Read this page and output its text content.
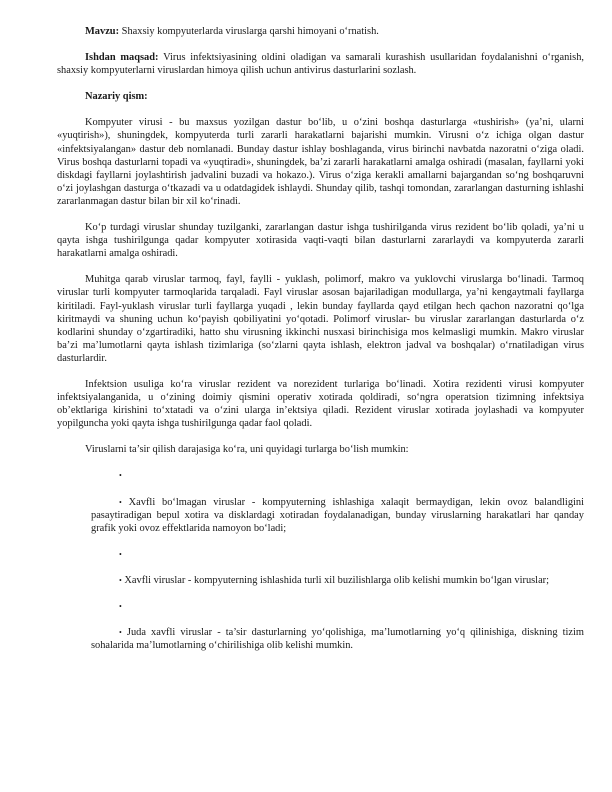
Mavzu: Shaxsiy kompyuterlarda viruslarga qarshi himoyani o‘rnatish.

Ishdan maqsad: Virus infektsiyasining oldini oladigan va samarali kurashish usullaridan foydalanishni o‘rganish, shaxsiy kompyuterlarni viruslardan himoya qilish uchun antivirus dasturlarini sozlash.

Nazariy qism:

Kompyuter virusi - bu maxsus yozilgan dastur bo‘lib, u o‘zini boshqa dasturlarga «tushirish» (ya’ni, ularni «yuqtirish»), shuningdek, kompyuterda turli zararli harakatlarni bajarishi mumkin. Virusni o‘z ichiga olgan dastur «infektsiyalangan» dastur deb nomlanadi. Bunday dastur ishlay boshlaganda, virus birinchi navbatda nazoratni o‘ziga oladi. Virus boshqa dasturlarni topadi va «yuqtiradi», shuningdek, ba’zi zararli harakatlarni amalga oshiradi (masalan, fayllarni yoki diskdagi fayllarni joylashtirish jadvalini buzadi va hokazo.). Virus o‘ziga kerakli amallarni bajargandan so‘ng boshqaruvni o‘zi joylashgan dasturga o‘tkazadi va u odatdagidek ishlaydi. Shunday qilib, tashqi tomondan, zararlangan dasturning ishlashi zararlanmagan dastur bilan bir xil ko‘rinadi.

Ko‘p turdagi viruslar shunday tuzilganki, zararlangan dastur ishga tushirilganda virus rezident bo‘lib qoladi, ya’ni u qayta ishga tushirilgunga qadar kompyuter xotirasida vaqti-vaqti bilan dasturlarni zararlaydi va kompyuterda zararli harakatlarni amalga oshiradi.

Muhitga qarab viruslar tarmoq, fayl, faylli - yuklash, polimorf, makro va yuklovchi viruslarga bo‘linadi. Tarmoq viruslar turli kompyuter tarmoqlarida tarqaladi. Fayl viruslar asosan bajariladigan modullarga, ya’ni kengaytmali fayllarga kiritiladi. Fayl-yuklash viruslar turli fayllarga yuqadi , lekin bunday fayllarda qayd etilgan hech qachon nazoratni qo‘lga kiritmaydi va shuning uchun ko‘payish qobiliyatini yo‘qotadi. Polimorf viruslar- bu viruslar zararlangan dasturlarda o‘z kodlarini shunday o‘zgartiradiki, hatto shu virusning ikkinchi nusxasi birinchisiga mos kelmasligi mumkin. Makro viruslar ba’zi ma’lumotlarni qayta ishlash tizimlariga (so‘zlarni qayta ishlash, elektron jadval va boshqalar) o‘rnatiladigan virus dasturlardir.

Infektsion usuliga ko‘ra viruslar rezident va norezident turlariga bo‘linadi. Xotira rezidenti virusi kompyuter infektsiyalanganida, u o‘zining doimiy qismini operativ xotirada qoldiradi, so‘ngra operatsion tizimning infektsiya ob’ektlariga kirishini to‘xtatadi va o‘zini ularga in’ektsiya qiladi. Rezident viruslar xotirada joylashadi va kompyuter yopilguncha yoki qayta ishga tushirilgunga qadar faol qoladi.

Viruslarni ta’sir qilish darajasiga ko‘ra, uni quyidagi turlarga bo‘lish mumkin:

•

• Xavfli bo‘lmagan viruslar - kompyuterning ishlashiga xalaqit bermaydigan, lekin ovoz balandligini pasaytiradigan bepul xotira va disklardagi xotiradan foydalanadigan, bunday viruslarning harakatlari har qanday grafik yoki ovoz effektlarida namoyon bo‘ladi;

•

• Xavfli viruslar - kompyuterning ishlashida turli xil buzilishlarga olib kelishi mumkin bo‘lgan viruslar;

•

• Juda xavfli viruslar - ta’sir dasturlarning yo‘qolishiga, ma’lumotlarning yo‘q qilinishiga, diskning tizim sohalarida ma’lumotlarning o‘chirilishiga olib kelishi mumkin.
